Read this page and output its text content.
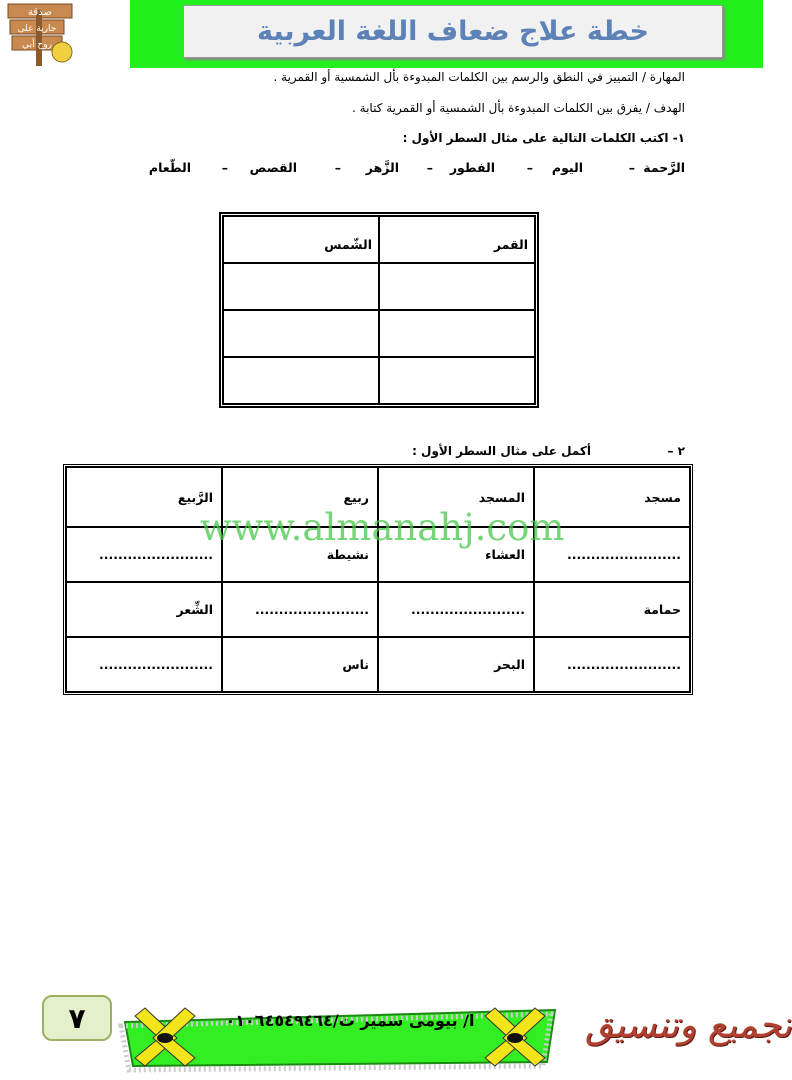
صدقة
جارية على
روح أبي	خطة علاج ضعاف اللغة العربية
المهارة / التمييز في النطق والرسم بين الكلمات المبدوءة بأل الشمسية أو القمرية .
الهدف / يفرق بين الكلمات المبدوءة بأل الشمسية أو القمرية كتابة .
١- اكتب الكلمات التالية على مثال السطر الأول :
الرَّحمة
–
اليوم
–
الفطور
–
الزَّهر
–
القصص
–
الطّعام
الشّمس	القمر

٢ –
أكمل على مثال السطر الأول :
الرَّبيع	ربيع	المسجد	مسجد
........................	نشيطة	العشاء	........................
الشِّعر	........................	........................	حمامة
........................	ناس	البحر	........................
www.almanahj.com
٧	ا/ بيومى سمير ت/٠١٠٦٤٥٤٩٤٦٤	تجميع وتنسيق
